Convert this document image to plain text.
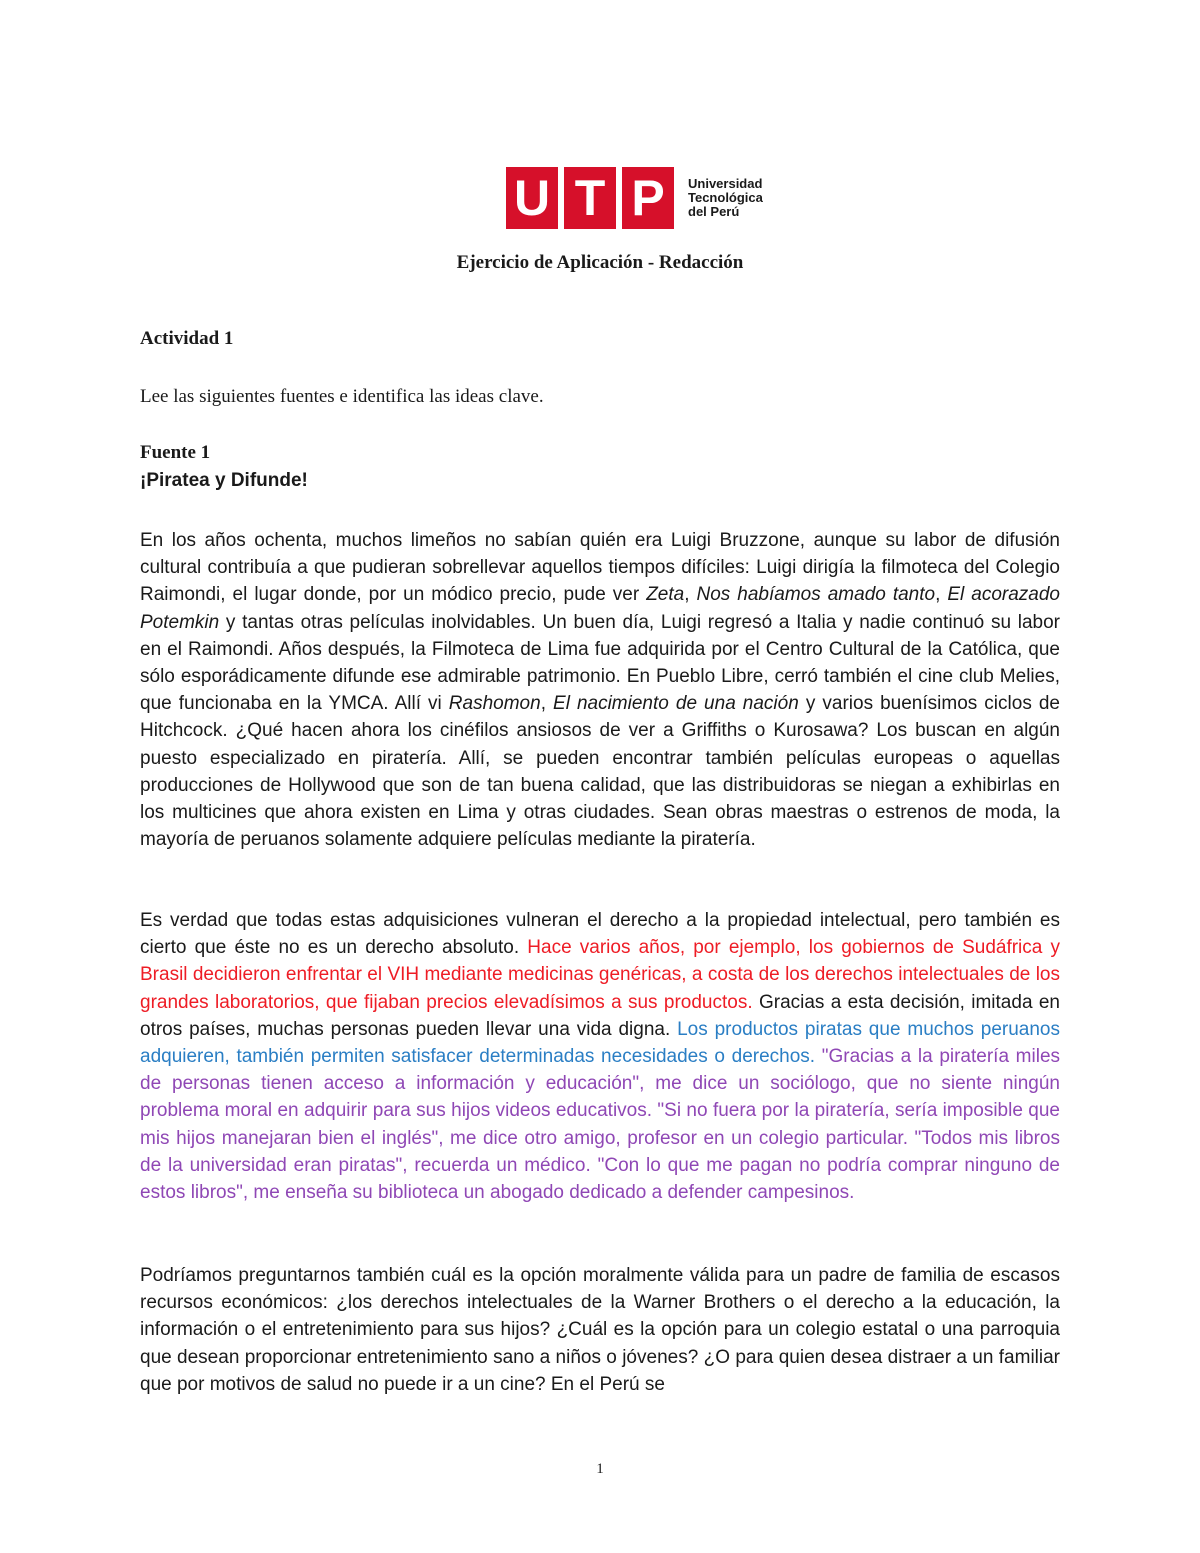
U T P Universidad
Tecnológica
del Perú
Ejercicio de Aplicación - Redacción
Actividad 1
Lee las siguientes fuentes e identifica las ideas clave.
Fuente 1
¡Piratea y Difunde!

En los años ochenta, muchos limeños no sabían quién era Luigi Bruzzone, aunque su labor de difusión cultural contribuía a que pudieran sobrellevar aquellos tiempos difíciles: Luigi dirigía la filmoteca del Colegio Raimondi, el lugar donde, por un módico precio, pude ver Zeta, Nos habíamos amado tanto, El acorazado Potemkin y tantas otras películas inolvidables. Un buen día, Luigi regresó a Italia y nadie continuó su labor en el Raimondi. Años después, la Filmoteca de Lima fue adquirida por el Centro Cultural de la Católica, que sólo esporádicamente difunde ese admirable patrimonio. En Pueblo Libre, cerró también el cine club Melies, que funcionaba en la YMCA. Allí vi Rashomon, El nacimiento de una nación y varios buenísimos ciclos de Hitchcock. ¿Qué hacen ahora los cinéfilos ansiosos de ver a Griffiths o Kurosawa? Los buscan en algún puesto especializado en piratería. Allí, se pueden encontrar también películas europeas o aquellas producciones de Hollywood que son de tan buena calidad, que las distribuidoras se niegan a exhibirlas en los multicines que ahora existen en Lima y otras ciudades. Sean obras maestras o estrenos de moda, la mayoría de peruanos solamente adquiere películas mediante la piratería.

Es verdad que todas estas adquisiciones vulneran el derecho a la propiedad intelectual, pero también es cierto que éste no es un derecho absoluto. Hace varios años, por ejemplo, los gobiernos de Sudáfrica y Brasil decidieron enfrentar el VIH mediante medicinas genéricas, a costa de los derechos intelectuales de los grandes laboratorios, que fijaban precios elevadísimos a sus productos. Gracias a esta decisión, imitada en otros países, muchas personas pueden llevar una vida digna. Los productos piratas que muchos peruanos adquieren, también permiten satisfacer determinadas necesidades o derechos. "Gracias a la piratería miles de personas tienen acceso a información y educación", me dice un sociólogo, que no siente ningún problema moral en adquirir para sus hijos videos educativos. "Si no fuera por la piratería, sería imposible que mis hijos manejaran bien el inglés", me dice otro amigo, profesor en un colegio particular. "Todos mis libros de la universidad eran piratas", recuerda un médico. "Con lo que me pagan no podría comprar ninguno de estos libros", me enseña su biblioteca un abogado dedicado a defender campesinos.

Podríamos preguntarnos también cuál es la opción moralmente válida para un padre de familia de escasos recursos económicos: ¿los derechos intelectuales de la Warner Brothers o el derecho a la educación, la información o el entretenimiento para sus hijos? ¿Cuál es la opción para un colegio estatal o una parroquia que desean proporcionar entretenimiento sano a niños o jóvenes? ¿O para quien desea distraer a un familiar que por motivos de salud no puede ir a un cine? En el Perú se

1
